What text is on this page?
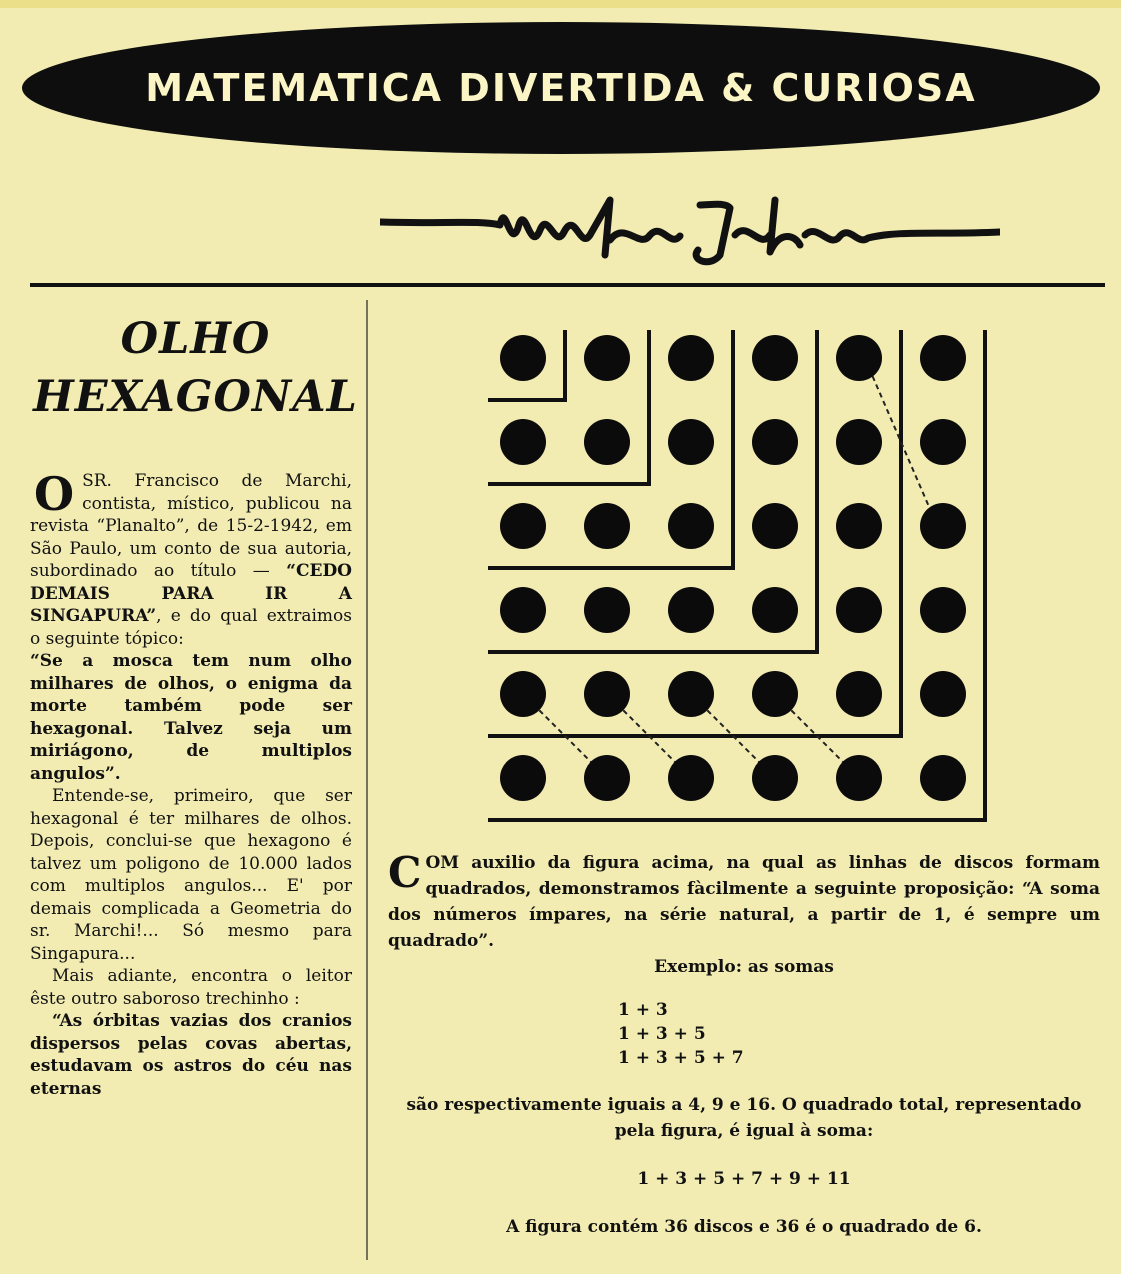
MATEMATICA DIVERTIDA & CURIOSA
OLHO
HEXAGONAL

O SR. Francisco de Marchi, contista, místico, publicou na revista “Planalto”, de 15-2-1942, em São Paulo, um conto de sua autoria, subordinado ao título — “CEDO DEMAIS PARA IR A SINGAPURA”, e do qual extraimos o seguinte tópico:

“Se a mosca tem num olho milhares de olhos, o enigma da morte também pode ser hexagonal. Talvez seja um miriágono, de multiplos angulos”.

Entende-se, primeiro, que ser hexagonal é ter milhares de olhos. Depois, conclui-se que hexagono é talvez um poligono de 10.000 lados com multiplos angulos... E' por demais complicada a Geometria do sr. Marchi!... Só mesmo para Singapura...

Mais adiante, encontra o leitor êste outro saboroso trechinho :

“As órbitas vazias dos cranios dispersos pelas covas abertas, estudavam os astros do céu nas eternas

C OM auxilio da figura acima, na qual as linhas de discos formam quadrados, demonstramos fàcilmente a seguinte proposição: “A soma dos números ímpares, na série natural, a partir de 1, é sempre um quadrado”.
Exemplo: as somas
1 + 3
1 + 3 + 5
1 + 3 + 5 + 7
são respectivamente iguais a 4, 9 e 16. O quadrado total, representado pela figura, é igual à soma:
1 + 3 + 5 + 7 + 9 + 11
A figura contém 36 discos e 36 é o quadrado de 6.
